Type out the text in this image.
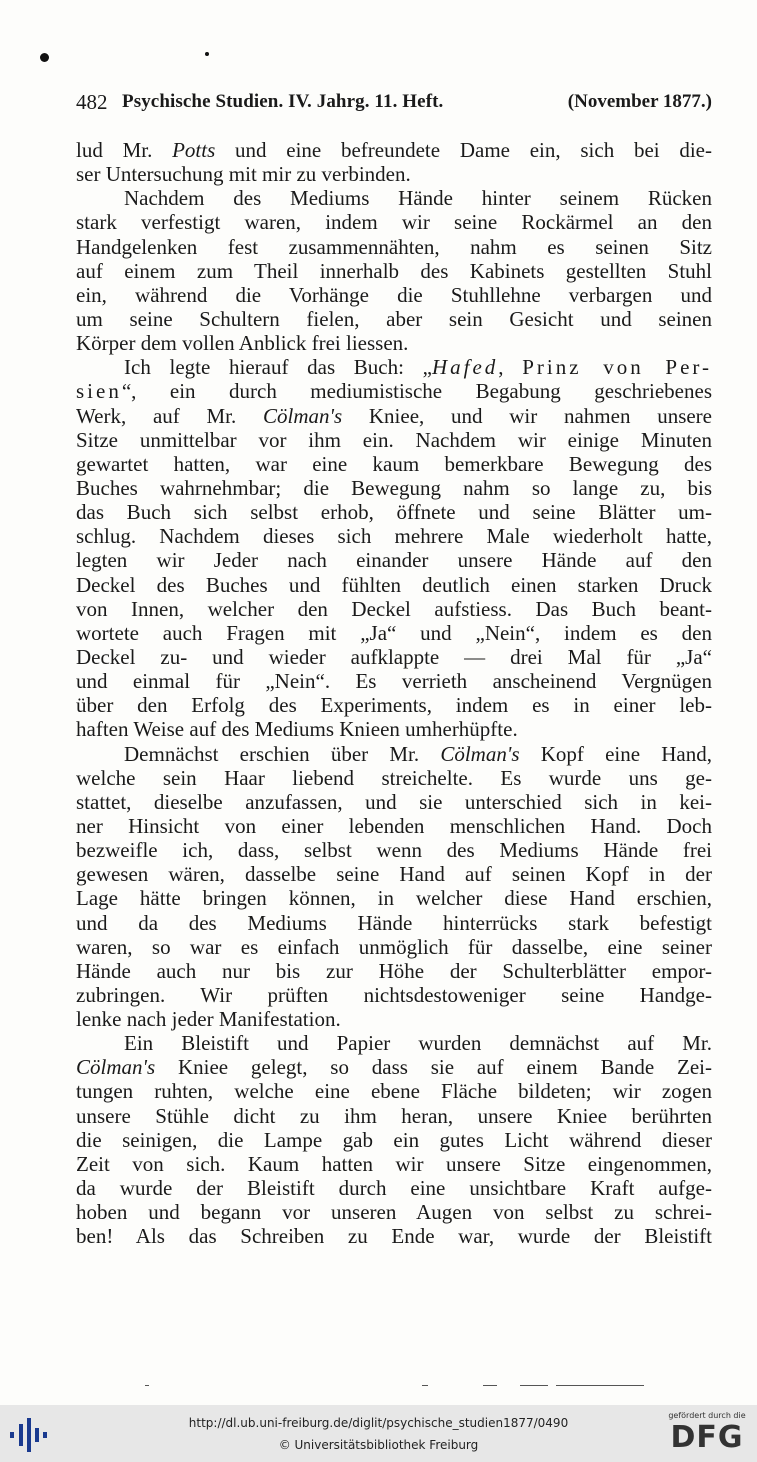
482 Psychische Studien. IV. Jahrg. 11. Heft.	(November 1877.)
lud Mr. Potts und eine befreundete Dame ein, sich bei die-
ser Untersuchung mit mir zu verbinden.
Nachdem des Mediums Hände hinter seinem Rücken
stark verfestigt waren, indem wir seine Rockärmel an den
Handgelenken fest zusammennähten, nahm es seinen Sitz
auf einem zum Theil innerhalb des Kabinets gestellten Stuhl
ein, während die Vorhänge die Stuhllehne verbargen und
um seine Schultern fielen, aber sein Gesicht und seinen
Körper dem vollen Anblick frei liessen.
Ich legte hierauf das Buch: „Hafed, Prinz von Per-
sien“, ein durch mediumistische Begabung geschriebenes
Werk, auf Mr. Cölman's Kniee, und wir nahmen unsere
Sitze unmittelbar vor ihm ein. Nachdem wir einige Minuten
gewartet hatten, war eine kaum bemerkbare Bewegung des
Buches wahrnehmbar; die Bewegung nahm so lange zu, bis
das Buch sich selbst erhob, öffnete und seine Blätter um-
schlug. Nachdem dieses sich mehrere Male wiederholt hatte,
legten wir Jeder nach einander unsere Hände auf den
Deckel des Buches und fühlten deutlich einen starken Druck
von Innen, welcher den Deckel aufstiess. Das Buch beant-
wortete auch Fragen mit „Ja“ und „Nein“, indem es den
Deckel zu- und wieder aufklappte — drei Mal für „Ja“
und einmal für „Nein“. Es verrieth anscheinend Vergnügen
über den Erfolg des Experiments, indem es in einer leb-
haften Weise auf des Mediums Knieen umherhüpfte.
Demnächst erschien über Mr. Cölman's Kopf eine Hand,
welche sein Haar liebend streichelte. Es wurde uns ge-
stattet, dieselbe anzufassen, und sie unterschied sich in kei-
ner Hinsicht von einer lebenden menschlichen Hand. Doch
bezweifle ich, dass, selbst wenn des Mediums Hände frei
gewesen wären, dasselbe seine Hand auf seinen Kopf in der
Lage hätte bringen können, in welcher diese Hand erschien,
und da des Mediums Hände hinterrücks stark befestigt
waren, so war es einfach unmöglich für dasselbe, eine seiner
Hände auch nur bis zur Höhe der Schulterblätter empor-
zubringen. Wir prüften nichtsdestoweniger seine Handge-
lenke nach jeder Manifestation.
Ein Bleistift und Papier wurden demnächst auf Mr.
Cölman's Kniee gelegt, so dass sie auf einem Bande Zei-
tungen ruhten, welche eine ebene Fläche bildeten; wir zogen
unsere Stühle dicht zu ihm heran, unsere Kniee berührten
die seinigen, die Lampe gab ein gutes Licht während dieser
Zeit von sich. Kaum hatten wir unsere Sitze eingenommen,
da wurde der Bleistift durch eine unsichtbare Kraft aufge-
hoben und begann vor unseren Augen von selbst zu schrei-
ben! Als das Schreiben zu Ende war, wurde der Bleistift
http://dl.ub.uni-freiburg.de/diglit/psychische_studien1877/0490
© Universitätsbibliothek Freiburg
gefördert durch die
DFG
